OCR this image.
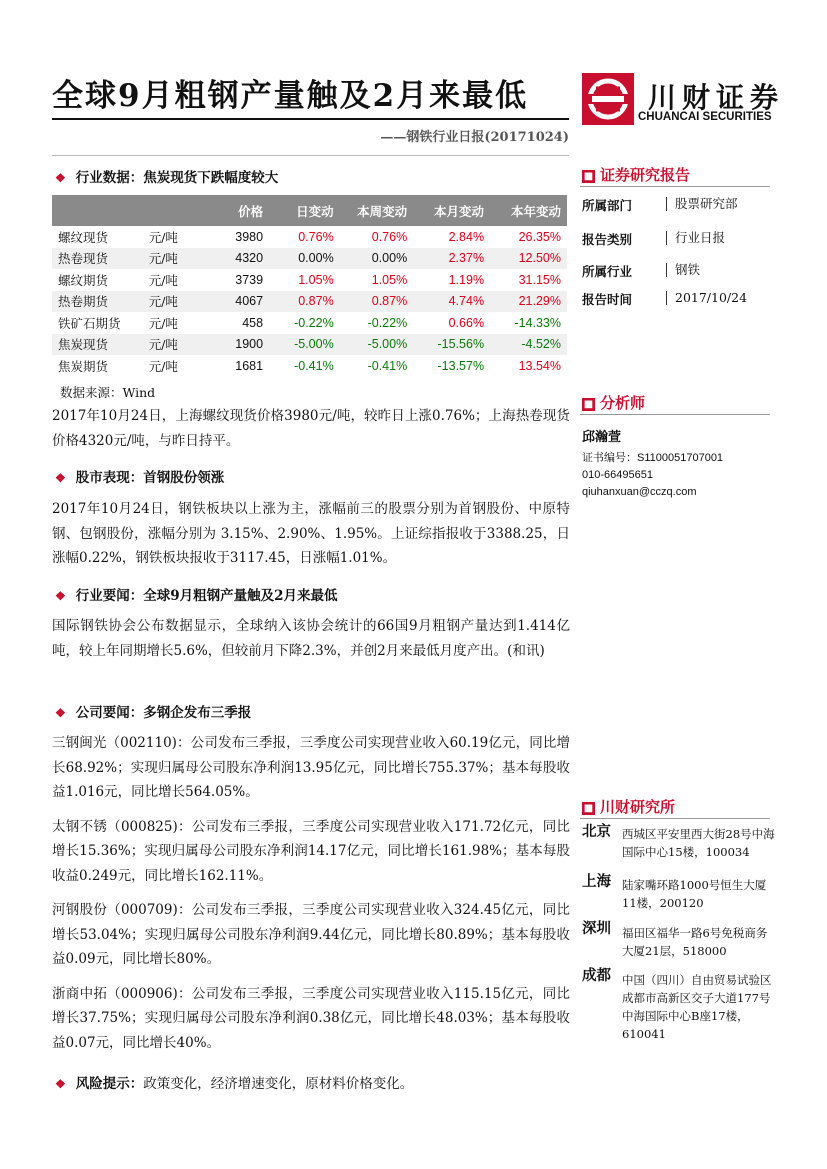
全球9月粗钢产量触及2月来最低
——钢铁行业日报(20171024)
川财证券
CHUANCAI SECURITIES
❖ 行业数据：焦炭现货下跌幅度较大
		价格	日变动	本周变动	本月变动	本年变动
螺纹现货	元/吨	3980	0.76%	0.76%	2.84%	26.35%
热卷现货	元/吨	4320	0.00%	0.00%	2.37%	12.50%
螺纹期货	元/吨	3739	1.05%	1.05%	1.19%	31.15%
热卷期货	元/吨	4067	0.87%	0.87%	4.74%	21.29%
铁矿石期货	元/吨	458	-0.22%	-0.22%	0.66%	-14.33%
焦炭现货	元/吨	1900	-5.00%	-5.00%	-15.56%	-4.52%
焦炭期货	元/吨	1681	-0.41%	-0.41%	-13.57%	13.54%
数据来源：Wind

2017年10月24日，上海螺纹现货价格3980元/吨，较昨日上涨0.76%；上海热卷现货价格4320元/吨，与昨日持平。

❖ 股市表现：首钢股份领涨

2017年10月24日，钢铁板块以上涨为主，涨幅前三的股票分别为首钢股份、中原特钢、包钢股份，涨幅分别为 3.15%、2.90%、1.95%。上证综指报收于3388.25，日涨幅0.22%，钢铁板块报收于3117.45，日涨幅1.01%。

❖ 行业要闻：全球9月粗钢产量触及2月来最低

国际钢铁协会公布数据显示，全球纳入该协会统计的66国9月粗钢产量达到1.414亿吨，较上年同期增长5.6%，但较前月下降2.3%，并创2月来最低月度产出。(和讯)

❖ 公司要闻：多钢企发布三季报

三钢闽光（002110)：公司发布三季报，三季度公司实现营业收入60.19亿元，同比增长68.92%；实现归属母公司股东净利润13.95亿元，同比增长755.37%；基本每股收益1.016元，同比增长564.05%。

太钢不锈（000825)：公司发布三季报，三季度公司实现营业收入171.72亿元，同比增长15.36%；实现归属母公司股东净利润14.17亿元，同比增长161.98%；基本每股收益0.249元，同比增长162.11%。

河钢股份（000709)：公司发布三季报，三季度公司实现营业收入324.45亿元，同比增长53.04%；实现归属母公司股东净利润9.44亿元，同比增长80.89%；基本每股收益0.09元，同比增长80%。

浙商中拓（000906)：公司发布三季报，三季度公司实现营业收入115.15亿元，同比增长37.75%；实现归属母公司股东净利润0.38亿元，同比增长48.03%；基本每股收益0.07元，同比增长40%。

❖ 风险提示：政策变化，经济增速变化，原材料价格变化。
■ 证券研究报告
所属部门	股票研究部
报告类别	行业日报
所属行业	钢铁
报告时间	2017/10/24
■ 分析师
邱瀚萱
证书编号：S1100051707001
010-66495651
qiuhanxuan@cczq.com
■ 川财研究所
北京 西城区平安里西大街28号中海国际中心15楼，100034
上海 陆家嘴环路1000号恒生大厦11楼，200120
深圳 福田区福华一路6号免税商务大厦21层，518000
成都 中国（四川）自由贸易试验区成都市高新区交子大道177号中海国际中心B座17楼，610041
